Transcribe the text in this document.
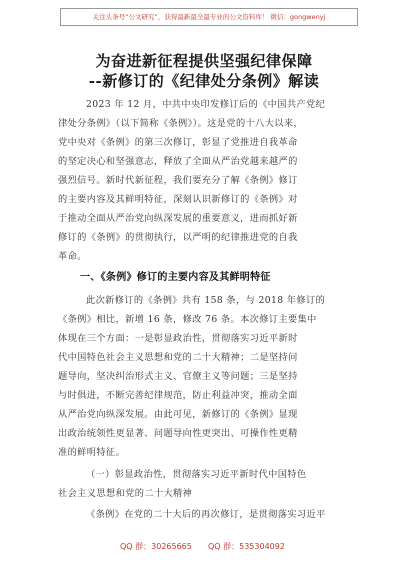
关注头条号“公文研究”，获得最新最全最专业的公文资料库！ 微信：gongwenyj
为奋进新征程提供坚强纪律保障
--新修订的《纪律处分条例》解读
2023 年 12 月，中共中央印发修订后的《中国共产党纪
律处分条例》（以下简称《条例》）。这是党的十八大以来，
党中央对《条例》的第三次修订，彰显了党推进自我革命
的坚定决心和坚强意志，释放了全面从严治党越来越严的
强烈信号。新时代新征程，我们要充分了解《条例》修订
的主要内容及其鲜明特征，深刻认识新修订的《条例》对
于推动全面从严治党向纵深发展的重要意义，进而抓好新
修订的《条例》的贯彻执行，以严明的纪律推进党的自我
革命。
一、《条例》修订的主要内容及其鲜明特征
此次新修订的《条例》共有 158 条，与 2018 年修订的
《条例》相比，新增 16 条，修改 76 条。本次修订主要集中
体现在三个方面：一是彰显政治性，贯彻落实习近平新时
代中国特色社会主义思想和党的二十大精神；二是坚持问
题导向，坚决纠治形式主义、官僚主义等问题；三是坚持
与时俱进，不断完善纪律规范，防止利益冲突，推动全面
从严治党向纵深发展。由此可见，新修订的《条例》显现
出政治统领性更显著、问题导向性更突出、可操作性更精
准的鲜明特征。
（一）彰显政治性，贯彻落实习近平新时代中国特色
社会主义思想和党的二十大精神
《条例》在党的二十大后的再次修订，是贯彻落实习近平
QQ 群：30265665 QQ 群：535304092
